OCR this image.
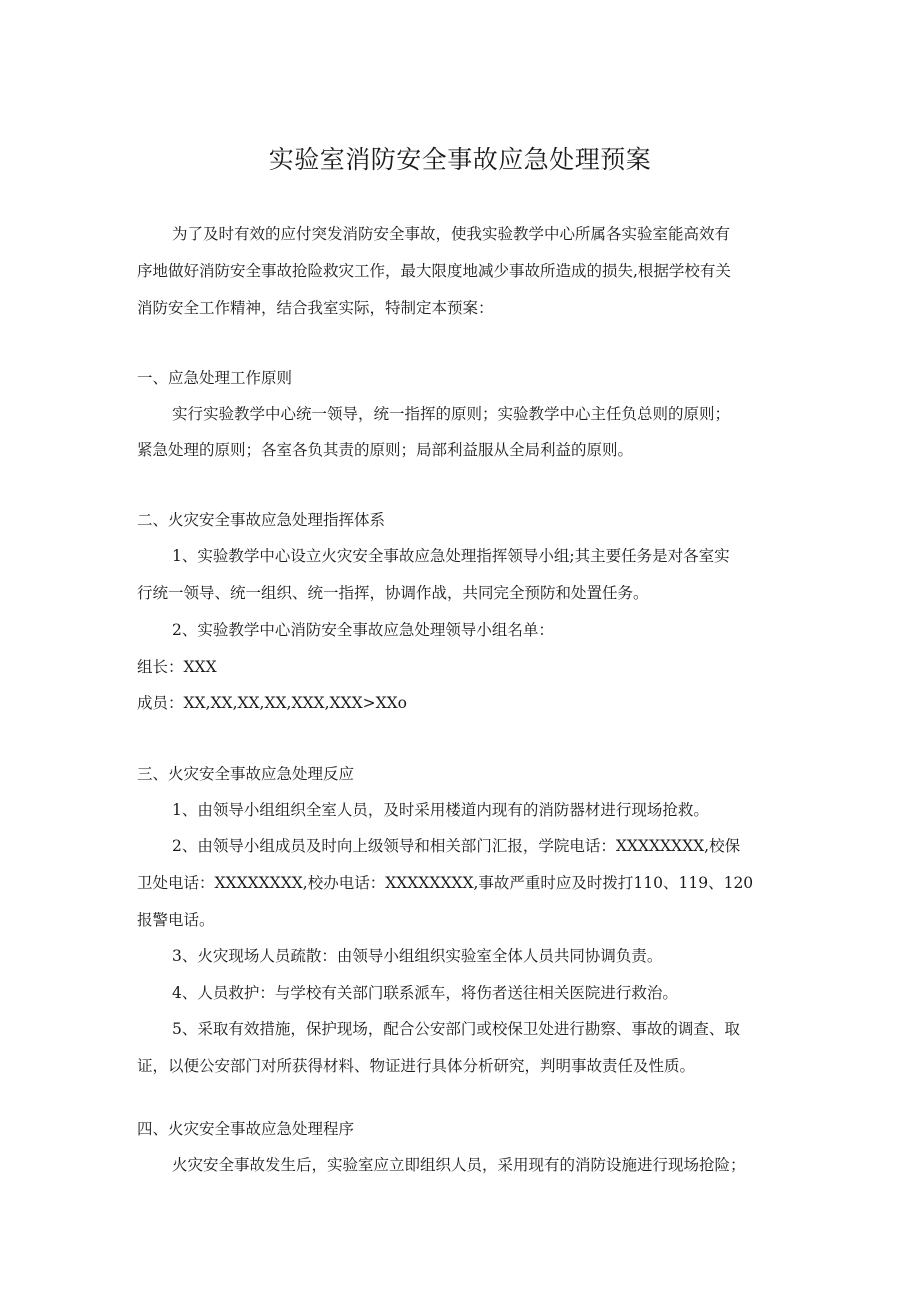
实验室消防安全事故应急处理预案
为了及时有效的应付突发消防安全事故，使我实验教学中心所属各实验室能高效有
序地做好消防安全事故抢险救灾工作，最大限度地减少事故所造成的损失,根据学校有关
消防安全工作精神，结合我室实际，特制定本预案：
一、应急处理工作原则
实行实验教学中心统一领导，统一指挥的原则；实验教学中心主任负总则的原则；
紧急处理的原则；各室各负其责的原则；局部利益服从全局利益的原则。
二、火灾安全事故应急处理指挥体系
1、实验教学中心设立火灾安全事故应急处理指挥领导小组;其主要任务是对各室实
行统一领导、统一组织、统一指挥，协调作战，共同完全预防和处置任务。
2、实验教学中心消防安全事故应急处理领导小组名单：
组长：XXX
成员：XX,XX,XX,XX,XXX,XXX>XXo
三、火灾安全事故应急处理反应
1、由领导小组组织全室人员，及时采用楼道内现有的消防器材进行现场抢救。
2、由领导小组成员及时向上级领导和相关部门汇报，学院电话：XXXXXXXX,校保
卫处电话：XXXXXXXX,校办电话：XXXXXXXX,事故严重时应及时拨打110、119、120
报警电话。
3、火灾现场人员疏散：由领导小组组织实验室全体人员共同协调负责。
4、人员救护：与学校有关部门联系派车，将伤者送往相关医院进行救治。
5、采取有效措施，保护现场，配合公安部门或校保卫处进行勘察、事故的调查、取
证，以便公安部门对所获得材料、物证进行具体分析研究，判明事故责任及性质。
四、火灾安全事故应急处理程序
火灾安全事故发生后，实验室应立即组织人员，采用现有的消防设施进行现场抢险；
